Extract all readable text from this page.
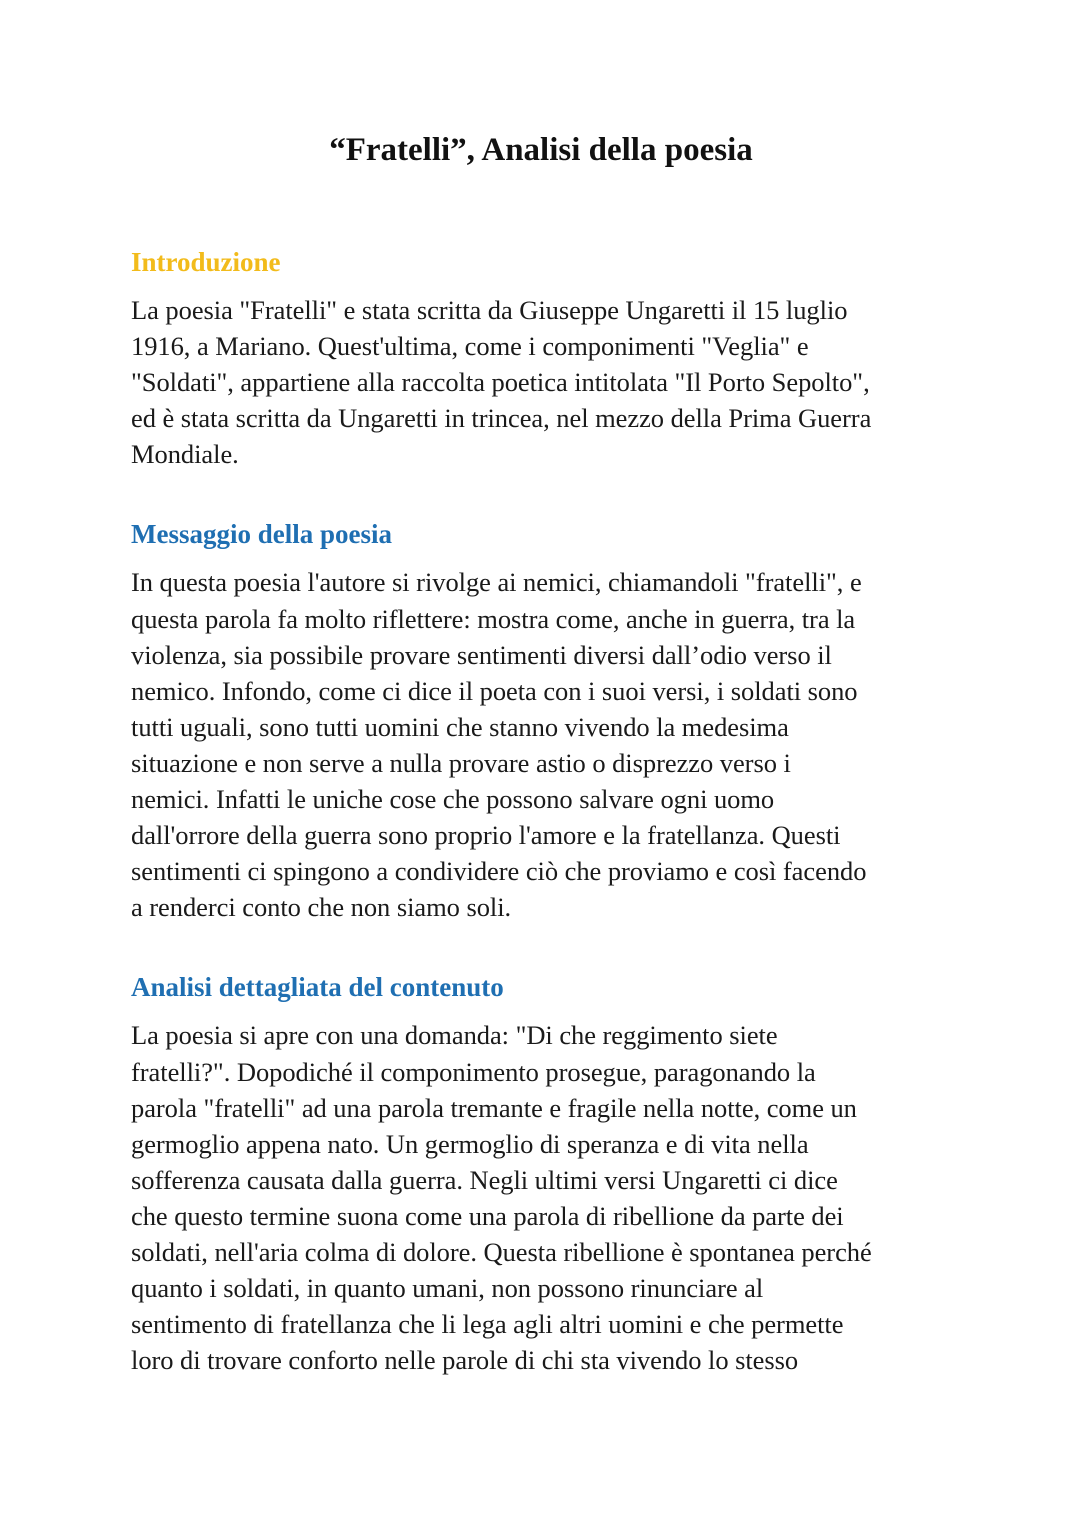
“Fratelli”, Analisi della poesia
Introduzione

La poesia "Fratelli" e stata scritta da Giuseppe Ungaretti il 15 luglio
1916, a Mariano. Quest'ultima, come i componimenti "Veglia" e
"Soldati", appartiene alla raccolta poetica intitolata "Il Porto Sepolto",
ed è stata scritta da Ungaretti in trincea, nel mezzo della Prima Guerra
Mondiale.

Messaggio della poesia

In questa poesia l'autore si rivolge ai nemici, chiamandoli "fratelli", e
questa parola fa molto riflettere: mostra come, anche in guerra, tra la
violenza, sia possibile provare sentimenti diversi dall’odio verso il
nemico. Infondo, come ci dice il poeta con i suoi versi, i soldati sono
tutti uguali, sono tutti uomini che stanno vivendo la medesima
situazione e non serve a nulla provare astio o disprezzo verso i
nemici. Infatti le uniche cose che possono salvare ogni uomo
dall'orrore della guerra sono proprio l'amore e la fratellanza. Questi
sentimenti ci spingono a condividere ciò che proviamo e così facendo
a renderci conto che non siamo soli.

Analisi dettagliata del contenuto

La poesia si apre con una domanda: "Di che reggimento siete
fratelli?". Dopodiché il componimento prosegue, paragonando la
parola "fratelli" ad una parola tremante e fragile nella notte, come un
germoglio appena nato. Un germoglio di speranza e di vita nella
sofferenza causata dalla guerra. Negli ultimi versi Ungaretti ci dice
che questo termine suona come una parola di ribellione da parte dei
soldati, nell'aria colma di dolore. Questa ribellione è spontanea perché
quanto i soldati, in quanto umani, non possono rinunciare al
sentimento di fratellanza che li lega agli altri uomini e che permette
loro di trovare conforto nelle parole di chi sta vivendo lo stesso
